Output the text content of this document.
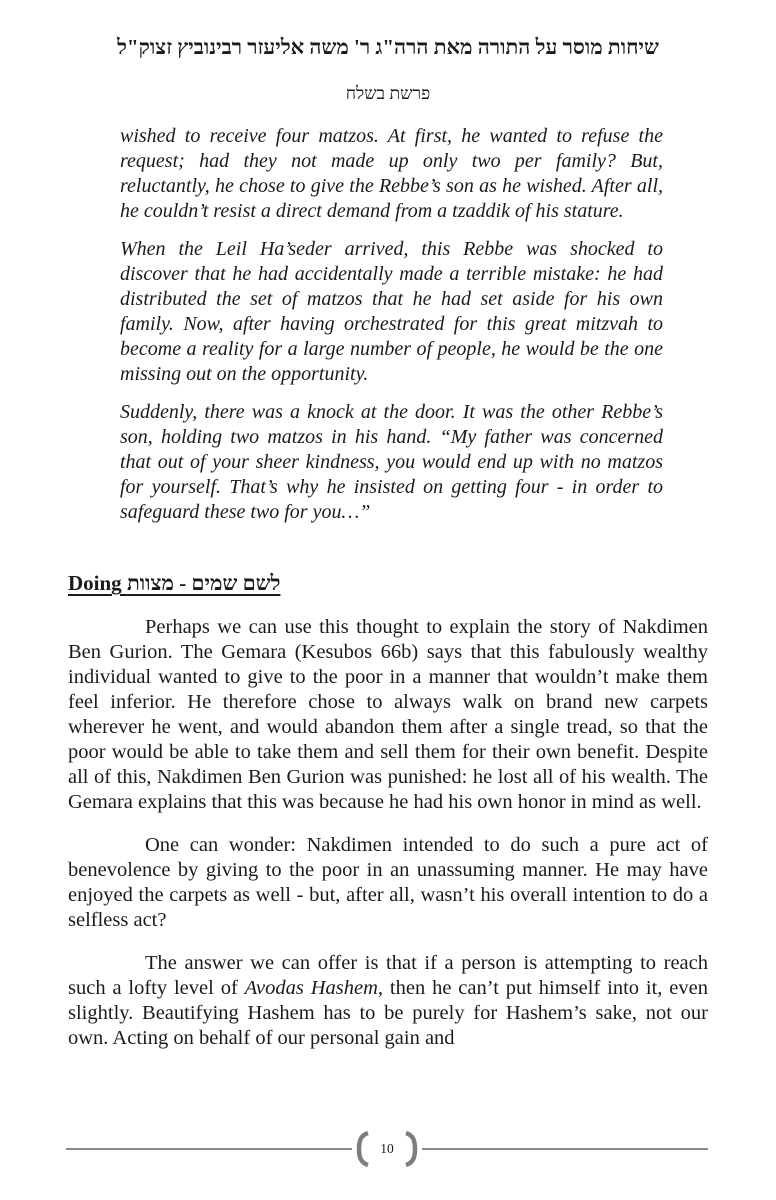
שיחות מוסר על התורה מאת הרה"ג ר' משה אליעזר רבינוביץ זצוק"ל
פרשת בשלח

wished to receive four matzos. At first, he wanted to refuse the request; had they not made up only two per family? But, reluctantly, he chose to give the Rebbe’s son as he wished. After all, he couldn’t resist a direct demand from a tzaddik of his stature.

When the Leil Ha’seder arrived, this Rebbe was shocked to discover that he had accidentally made a terrible mistake: he had distributed the set of matzos that he had set aside for his own family. Now, after having orchestrated for this great mitzvah to become a reality for a large number of people, he would be the one missing out on the opportunity.

Suddenly, there was a knock at the door. It was the other Rebbe’s son, holding two matzos in his hand. “My father was concerned that out of your sheer kindness, you would end up with no matzos for yourself. That’s why he insisted on getting four - in order to safeguard these two for you…”

Doing לשם שמים - מצוות

Perhaps we can use this thought to explain the story of Nakdimen Ben Gurion. The Gemara (Kesubos 66b) says that this fabulously wealthy individual wanted to give to the poor in a manner that wouldn’t make them feel inferior. He therefore chose to always walk on brand new carpets wherever he went, and would abandon them after a single tread, so that the poor would be able to take them and sell them for their own benefit. Despite all of this, Nakdimen Ben Gurion was punished: he lost all of his wealth. The Gemara explains that this was because he had his own honor in mind as well.

One can wonder: Nakdimen intended to do such a pure act of benevolence by giving to the poor in an unassuming manner. He may have enjoyed the carpets as well - but, after all, wasn’t his overall intention to do a selfless act?

The answer we can offer is that if a person is attempting to reach such a lofty level of Avodas Hashem, then he can’t put himself into it, even slightly. Beautifying Hashem has to be purely for Hashem’s sake, not our own. Acting on behalf of our personal gain and

10
